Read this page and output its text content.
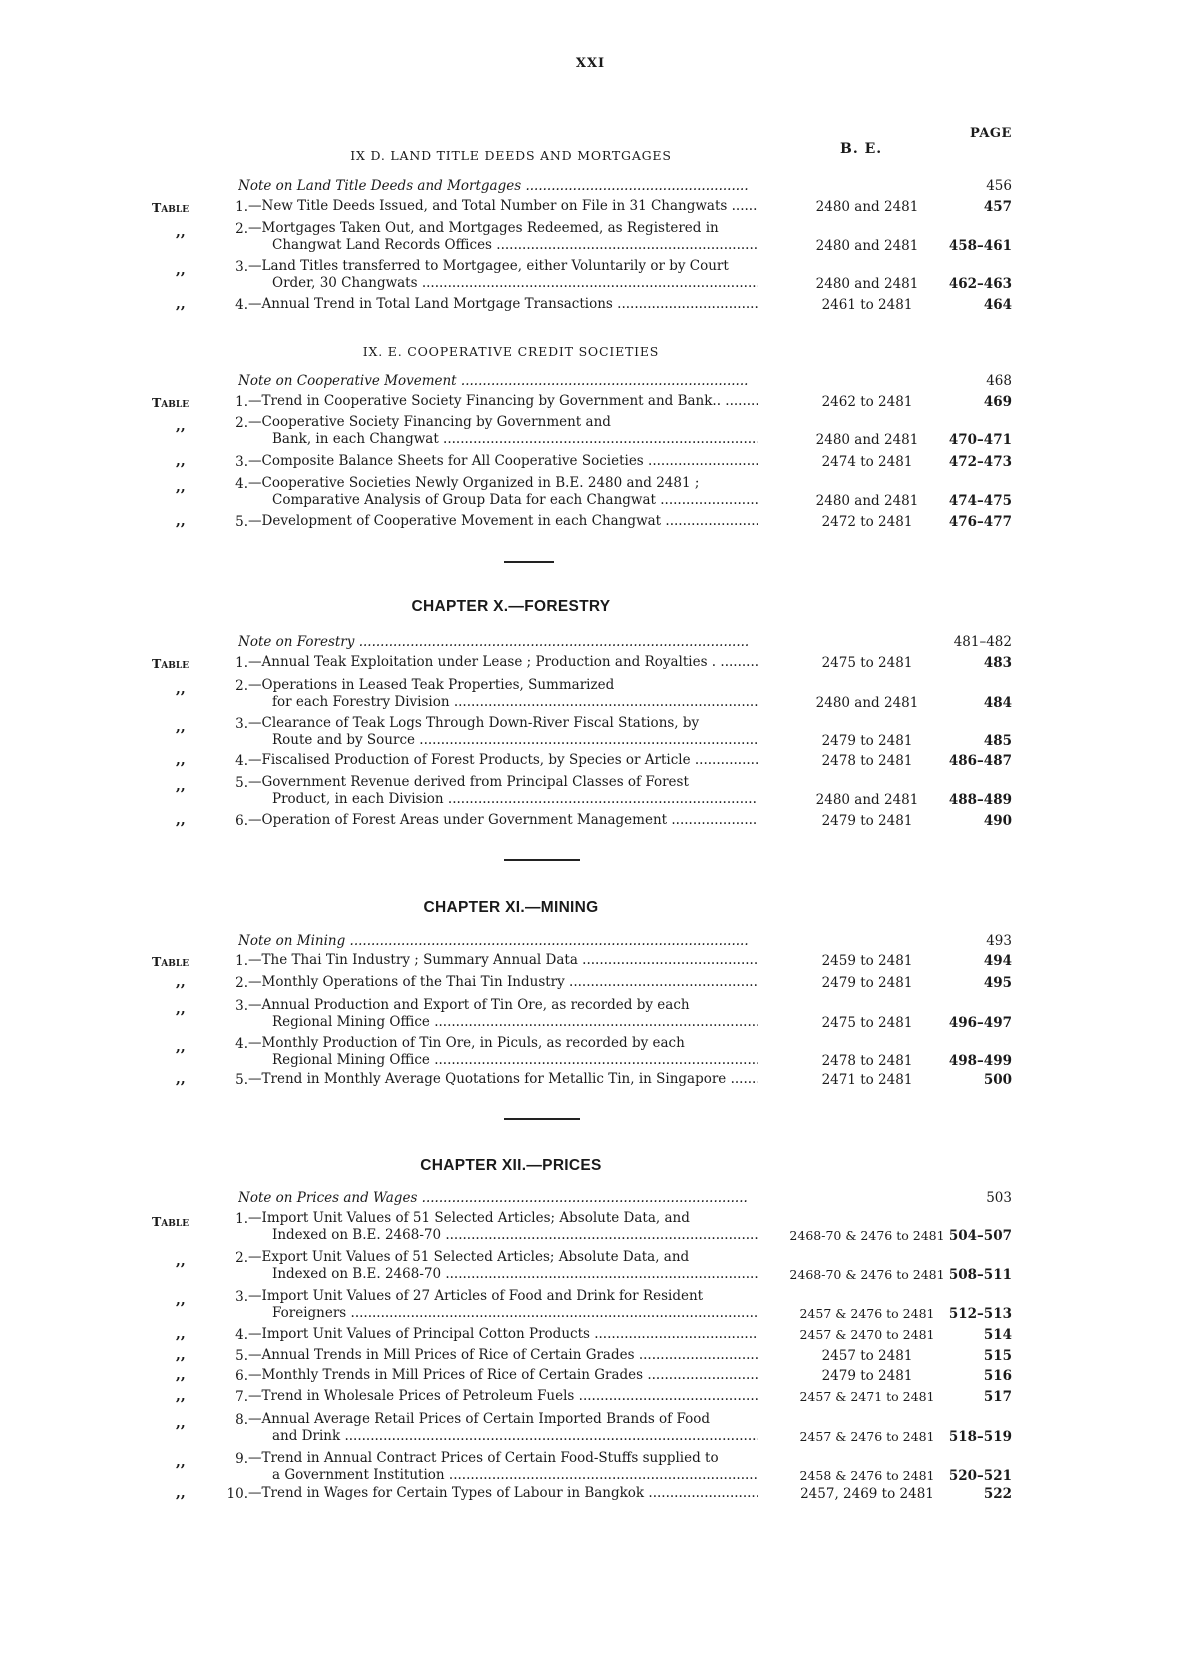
XXI
PAGE
B. E.
IX D. LAND TITLE DEEDS AND MORTGAGES
IX. E. COOPERATIVE CREDIT SOCIETIES
CHAPTER X.—FORESTRY
CHAPTER XI.—MINING
CHAPTER XII.—PRICES
Note on Land Title Deeds and Mortgages .....	456
Table	1. —New Title Deeds Issued, and Total Number on File in 31 Changwats .....	2480 and 2481	457
,,	2. —Mortgages Taken Out, and Mortgages Redeemed, as Registered in
Changwat Land Records Offices .....	2480 and 2481	458–461
,,	3. —Land Titles transferred to Mortgagee, either Voluntarily or by Court
Order, 30 Changwats .....	2480 and 2481	462–463
,,	4. —Annual Trend in Total Land Mortgage Transactions .....	2461 to 2481	464
Note on Cooperative Movement .....	468
Table	1. —Trend in Cooperative Society Financing by Government and Bank.. .....	2462 to 2481	469
,,	2. —Cooperative Society Financing by Government and
Bank, in each Changwat .....	2480 and 2481	470–471
,,	3. —Composite Balance Sheets for All Cooperative Societies .....	2474 to 2481	472–473
,,	4. —Cooperative Societies Newly Organized in B.E. 2480 and 2481 ;
Comparative Analysis of Group Data for each Changwat .....	2480 and 2481	474–475
,,	5. —Development of Cooperative Movement in each Changwat .....	2472 to 2481	476–477
Note on Forestry .....	481–482
Table	1. —Annual Teak Exploitation under Lease ; Production and Royalties . .....	2475 to 2481	483
,,	2. —Operations in Leased Teak Properties, Summarized
for each Forestry Division .....	2480 and 2481	484
,,	3. —Clearance of Teak Logs Through Down-River Fiscal Stations, by
Route and by Source .....	2479 to 2481	485
,,	4. —Fiscalised Production of Forest Products, by Species or Article .....	2478 to 2481	486–487
,,	5. —Government Revenue derived from Principal Classes of Forest
Product, in each Division .....	2480 and 2481	488–489
,,	6. —Operation of Forest Areas under Government Management .....	2479 to 2481	490
Note on Mining .....	493
Table	1. —The Thai Tin Industry ; Summary Annual Data .....	2459 to 2481	494
,,	2. —Monthly Operations of the Thai Tin Industry .....	2479 to 2481	495
,,	3. —Annual Production and Export of Tin Ore, as recorded by each
Regional Mining Office .....	2475 to 2481	496–497
,,	4. —Monthly Production of Tin Ore, in Piculs, as recorded by each
Regional Mining Office .....	2478 to 2481	498–499
,,	5. —Trend in Monthly Average Quotations for Metallic Tin, in Singapore .....	2471 to 2481	500
Note on Prices and Wages .....	503
Table	1. —Import Unit Values of 51 Selected Articles; Absolute Data, and
Indexed on B.E. 2468-70 .....	2468-70 & 2476 to 2481 504–507
,,	2. —Export Unit Values of 51 Selected Articles; Absolute Data, and
Indexed on B.E. 2468-70 .....	2468-70 & 2476 to 2481 508–511
,,	3. —Import Unit Values of 27 Articles of Food and Drink for Resident
Foreigners .....	2457 & 2476 to 2481	512–513
,,	4. —Import Unit Values of Principal Cotton Products .....	2457 & 2470 to 2481	514
,,	5. —Annual Trends in Mill Prices of Rice of Certain Grades .....	2457 to 2481	515
,,	6. —Monthly Trends in Mill Prices of Rice of Certain Grades .....	2479 to 2481	516
,,	7. —Trend in Wholesale Prices of Petroleum Fuels .....	2457 & 2471 to 2481	517
,,	8. —Annual Average Retail Prices of Certain Imported Brands of Food
and Drink .....	2457 & 2476 to 2481	518–519
,,	9. —Trend in Annual Contract Prices of Certain Food-Stuffs supplied to
a Government Institution .....	2458 & 2476 to 2481	520–521
,,	10. —Trend in Wages for Certain Types of Labour in Bangkok .....	2457, 2469 to 2481	522
